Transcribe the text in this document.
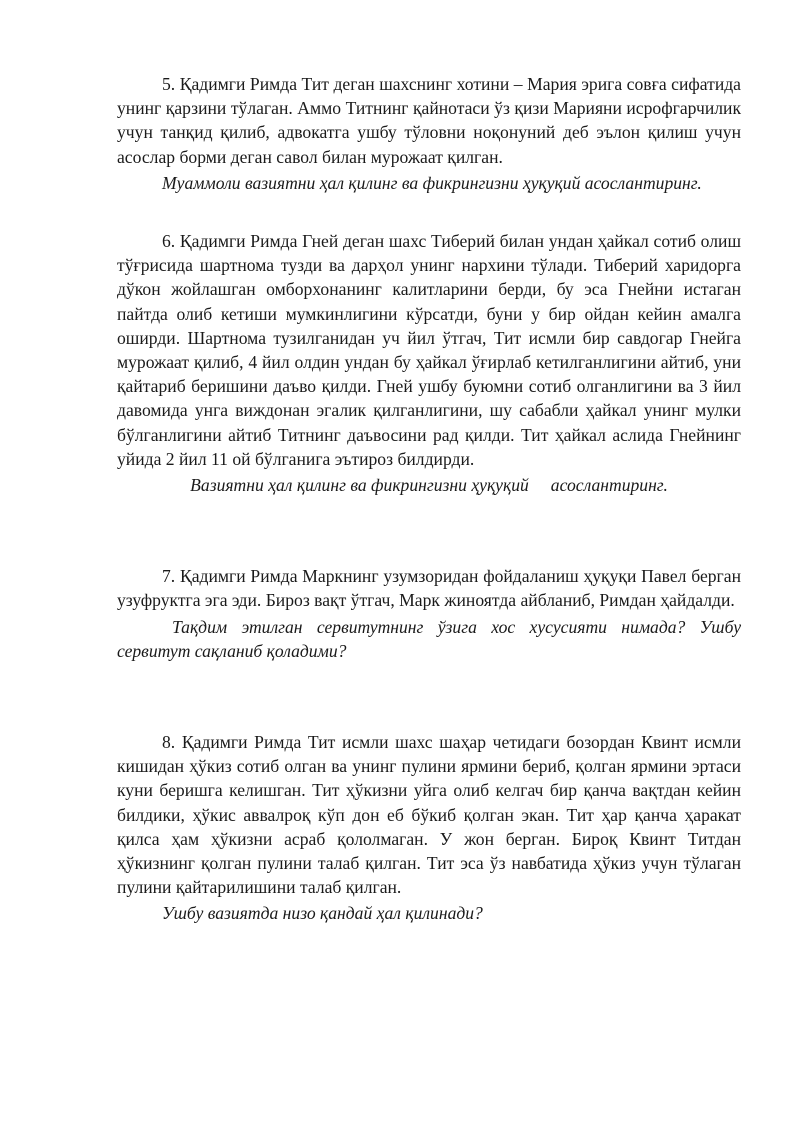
5. Қадимги Римда Тит деган шахснинг хотини – Мария эрига совға сифатида унинг қарзини тўлаган. Аммо Титнинг қайнотаси ўз қизи Марияни исрофгарчилик учун танқид қилиб, адвокатга ушбу тўловни ноқонуний деб эълон қилиш учун асослар борми деган савол билан мурожаат қилган.

Муаммоли вазиятни ҳал қилинг ва фикрингизни ҳуқуқий асослантиринг.

6. Қадимги Римда Гней деган шахс Тиберий билан ундан ҳайкал сотиб олиш тўғрисида шартнома тузди ва дарҳол унинг нархини тўлади. Тиберий харидорга дўкон жойлашган омборхонанинг калитларини берди, бу эса Гнейни истаган пайтда олиб кетиши мумкинлигини кўрсатди, буни у бир ойдан кейин амалга оширди. Шартнома тузилганидан уч йил ўтгач, Тит исмли бир савдогар Гнейга мурожаат қилиб, 4 йил олдин ундан бу ҳайкал ўғирлаб кетилганлигини айтиб, уни қайтариб беришини даъво қилди. Гней ушбу буюмни сотиб олганлигини ва 3 йил давомида унга виждонан эгалик қилганлигини, шу сабабли ҳайкал унинг мулки бўлганлигини айтиб Титнинг даъвосини рад қилди. Тит ҳайкал аслида Гнейнинг уйида 2 йил 11 ой бўлганига эътироз билдирди.

Вазиятни ҳал қилинг ва фикрингизни ҳуқуқий     асослантиринг.

7. Қадимги Римда Маркнинг узумзоридан фойдаланиш ҳуқуқи Павел берган узуфруктга эга эди. Бироз вақт ўтгач, Марк жиноятда айбланиб, Римдан ҳайдалди.

Тақдим этилган сервитутнинг ўзига хос хусусияти нимада? Ушбу сервитут сақланиб қоладими?

8. Қадимги Римда Тит исмли шахс шаҳар четидаги бозордан Квинт исмли кишидан ҳўкиз сотиб олган ва унинг пулини ярмини бериб, қолган ярмини эртаси куни беришга келишган. Тит ҳўкизни уйга олиб келгач бир қанча вақтдан кейин билдики, ҳўкис аввалроқ кўп дон еб бўкиб қолган экан. Тит ҳар қанча ҳаракат қилса ҳам ҳўкизни асраб қололмаган. У жон берган. Бироқ Квинт Титдан ҳўкизнинг қолган пулини талаб қилган. Тит эса ўз навбатида ҳўкиз учун тўлаган пулини қайтарилишини талаб қилган.

Ушбу вазиятда низо қандай ҳал қилинади?
